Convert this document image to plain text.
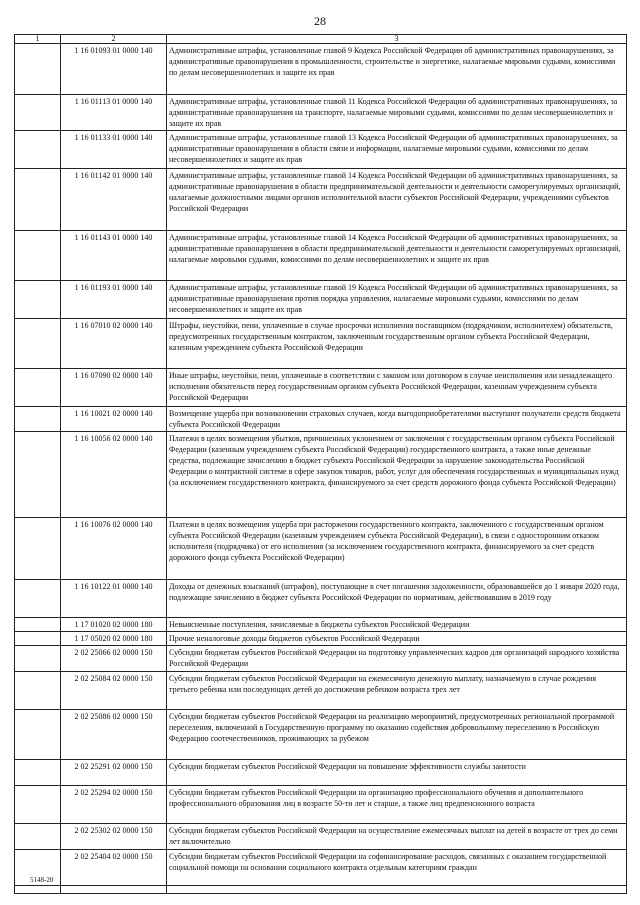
28
1	2	3
	1 16 01093 01 0000 140	Административные штрафы, установленные главой 9 Кодекса Российской Федерации об административных правонарушениях, за административные правонарушения в промышленности, строительстве и энергетике, налагаемые мировыми судьями, комиссиями по делам несовершеннолетних и защите их прав
	1 16 01113 01 0000 140	Административные штрафы, установленные главой 11 Кодекса Российской Федерации об административных правонарушениях, за административные правонарушения на транспорте, налагаемые мировыми судьями, комиссиями по делам несовершеннолетних и защите их прав
	1 16 01133 01 0000 140	Административные штрафы, установленные главой 13 Кодекса Российской Федерации об административных правонарушениях, за административные правонарушения в области связи и информации, налагаемые мировыми судьями, комиссиями по делам несовершеннолетних и защите их прав
	1 16 01142 01 0000 140	Административные штрафы, установленные главой 14 Кодекса Российской Федерации об административных правонарушениях, за административные правонарушения в области предпринимательской деятельности и деятельности саморегулируемых организаций, налагаемые должностными лицами органов исполнительной власти субъектов Российской Федерации, учреждениями субъектов Российской Федерации
	1 16 01143 01 0000 140	Административные штрафы, установленные главой 14 Кодекса Российской Федерации об административных правонарушениях, за административные правонарушения в области предпринимательской деятельности и деятельности саморегулируемых организаций, налагаемые мировыми судьями, комиссиями по делам несовершеннолетних и защите их прав
	1 16 01193 01 0000 140	Административные штрафы, установленные главой 19 Кодекса Российской Федерации об административных правонарушениях, за административные правонарушения против порядка управления, налагаемые мировыми судьями, комиссиями по делам несовершеннолетних и защите их прав
	1 16 07010 02 0000 140	Штрафы, неустойки, пени, уплаченные в случае просрочки исполнения поставщиком (подрядчиком, исполнителем) обязательств, предусмотренных государственным контрактом, заключенным государственным органом субъекта Российской Федерации, казенным учреждением субъекта Российской Федерации
	1 16 07090 02 0000 140	Иные штрафы, неустойки, пени, уплаченные в соответствии с законом или договором в случае неисполнения или ненадлежащего исполнения обязательств перед государственным органом субъекта Российской Федерации, казенным учреждением субъекта Российской Федерации
	1 16 10021 02 0000 140	Возмещение ущерба при возникновении страховых случаев, когда выгодоприобретателями выступают получатели средств бюджета субъекта Российской Федерации
	1 16 10056 02 0000 140	Платежи в целях возмещения убытков, причиненных уклонением от заключения с государственным органом субъекта Российской Федерации (казенным учреждением субъекта Российской Федерации) государственного контракта, а также иные денежные средства, подлежащие зачислению в бюджет субъекта Российской Федерации за нарушение законодательства Российской Федерации о контрактной системе в сфере закупок товаров, работ, услуг для обеспечения государственных и муниципальных нужд (за исключением государственного контракта, финансируемого за счет средств дорожного фонда субъекта Российской Федерации)
	1 16 10076 02 0000 140	Платежи в целях возмещения ущерба при расторжении государственного контракта, заключенного с государственным органом субъекта Российской Федерации (казенным учреждением субъекта Российской Федерации), в связи с односторонним отказом исполнителя (подрядчика) от его исполнения (за исключением государственного контракта, финансируемого за счет средств дорожного фонда субъекта Российской Федерации)
	1 16 10122 01 0000 140	Доходы от денежных взысканий (штрафов), поступающие в счет погашения задолженности, образовавшейся до 1 января 2020 года, подлежащие зачислению в бюджет субъекта Российской Федерации по нормативам, действовавшим в 2019 году
	1 17 01020 02 0000 180	Невыясненные поступления, зачисляемые в бюджеты субъектов Российской Федерации
	1 17 05020 02 0000 180	Прочие неналоговые доходы бюджетов субъектов Российской Федерации
	2 02 25066 02 0000 150	Субсидии бюджетам субъектов Российской Федерации на подготовку управленческих кадров для организаций народного хозяйства Российской Федерации
	2 02 25084 02 0000 150	Субсидии бюджетам субъектов Российской Федерации на ежемесячную денежную выплату, назначаемую в случае рождения третьего ребенка или последующих детей до достижения ребенком возраста трех лет
	2 02 25086 02 0000 150	Субсидии бюджетам субъектов Российской Федерации на реализацию мероприятий, предусмотренных региональной программой переселения, включенной в Государственную программу по оказанию содействия добровольному переселению в Российскую Федерацию соотечественников, проживающих за рубежом
	2 02 25291 02 0000 150	Субсидии бюджетам субъектов Российской Федерации на повышение эффективности службы занятости
	2 02 25294 02 0000 150	Субсидии бюджетам субъектов Российской Федерации на организацию профессионального обучения и дополнительного профессионального образования лиц в возрасте 50-ти лет и старше, а также лиц предпенсионного возраста
	2 02 25302 02 0000 150	Субсидии бюджетам субъектов Российской Федерации на осуществление ежемесячных выплат на детей в возрасте от трех до семи лет включительно
	2 02 25404 02 0000 150	Субсидии бюджетам субъектов Российской Федерации на софинансирование расходов, связанных с оказанием государственной социальной помощи на основании социального контракта отдельным категориям граждан

5148-20
